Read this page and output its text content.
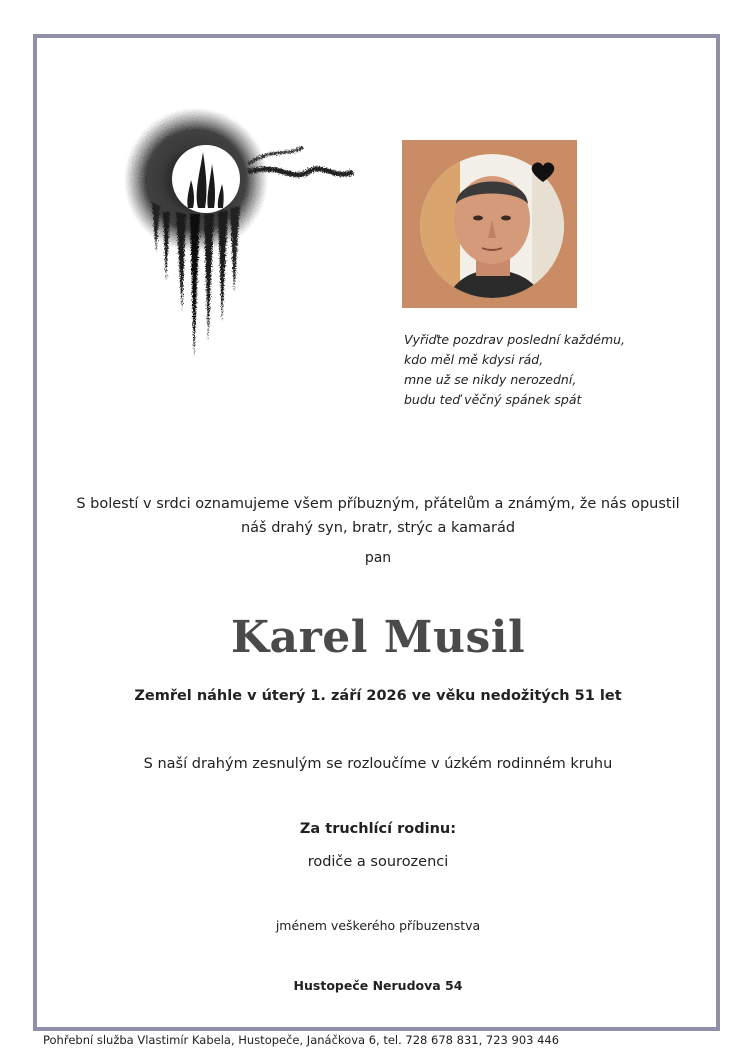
Vyřiďte pozdrav poslední každému,
kdo měl mě kdysi rád,
mne už se nikdy nerozední,
budu teď věčný spánek spát
S bolestí v srdci oznamujeme všem příbuzným, přátelům a známým, že nás opustil
náš drahý syn, bratr, strýc a kamarád
pan
Karel Musil
Zemřel náhle v úterý 1. září 2026 ve věku nedožitých 51 let
S naší drahým zesnulým se rozloučíme v úzkém rodinném kruhu
Za truchlící rodinu:
rodiče a sourozenci
jménem veškerého příbuzenstva
Hustopeče Nerudova 54
Pohřební služba Vlastimír Kabela, Hustopeče, Janáčkova 6, tel. 728 678 831, 723 903 446
